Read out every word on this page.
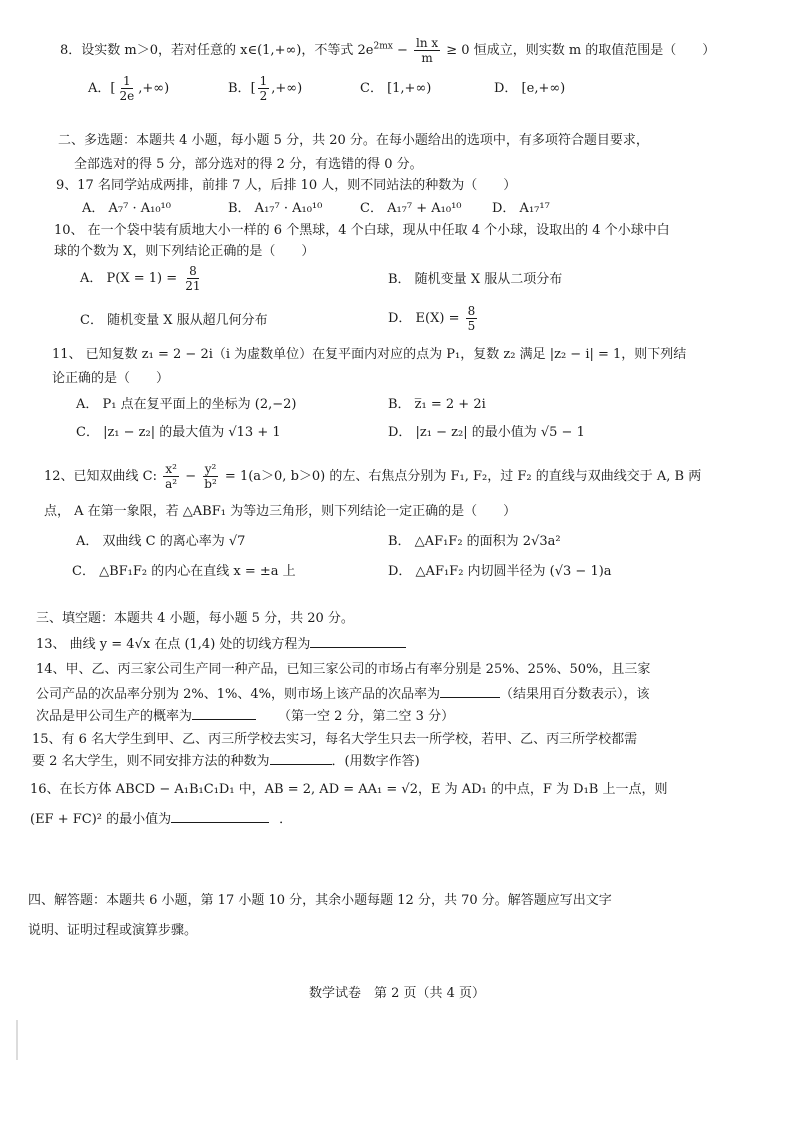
8．设实数 m＞0，若对任意的 x∈(1,+∞)，不等式 $2e^{2mx} - \frac{\text{ln x}}{m} \ge 0$ 恒成立，则实数 m 的取值范围是（　　）
A．[ $\frac{1}{2e}$ ,+∞)	B．[ $\frac{1}{2}$ ,+∞)	C． [1,+∞)	D． [e,+∞)
二、多选题：本题共 4 小题，每小题 5 分，共 20 分。在每小题给出的选项中，有多项符合题目要求，
全部选对的得 5 分，部分选对的得 2 分，有选错的得 0 分。
9、17 名同学站成两排，前排 7 人，后排 10 人，则不同站法的种数为（　　）
A． A₇⁷ · A₁₀¹⁰	B． A₁₇⁷ · A₁₀¹⁰	C． A₁₇⁷ + A₁₀¹⁰ D． A₁₇¹⁷
10、 在一个袋中装有质地大小一样的 6 个黑球，4 个白球，现从中任取 4 个小球，设取出的 4 个小球中白
球的个数为 X，则下列结论正确的是（　　）
A． $P(X = 1) = \frac{8}{21}$	B． 随机变量 X 服从二项分布
C． 随机变量 X 服从超几何分布	D． $E(X) = \frac{8}{5}$
11、 已知复数 z₁ = 2 − 2i（i 为虚数单位）在复平面内对应的点为 P₁，复数 z₂ 满足 |z₂ − i| = 1，则下列结
论正确的是（　　）
A． P₁ 点在复平面上的坐标为 (2,−2)	B． z̅₁ = 2 + 2i
C． |z₁ − z₂| 的最大值为 √13 + 1	D． |z₁ − z₂| 的最小值为 √5 − 1
12、已知双曲线 C: $\frac{\text{x²}}{\text{a²}} - \frac{\text{y²}}{\text{b²}} = 1(a>0$, b＞0) 的左、右焦点分别为 F₁, F₂，过 F₂ 的直线与双曲线交于 A, B 两
点， A 在第一象限，若 △ABF₁ 为等边三角形，则下列结论一定正确的是（　　）
A． 双曲线 C 的离心率为 √7	B． △AF₁F₂ 的面积为 2√3a²
C． △BF₁F₂ 的内心在直线 x = ±a 上	D． △AF₁F₂ 内切圆半径为 (√3 − 1)a
三、填空题：本题共 4 小题，每小题 5 分，共 20 分。
13、 曲线 y = 4√x 在点 (1,4) 处的切线方程为
14、甲、乙、丙三家公司生产同一种产品，已知三家公司的市场占有率分别是 25%、25%、50%，且三家
公司产品的次品率分别为 2%、1%、4%，则市场上该产品的次品率为	（结果用百分数表示），该
次品是甲公司生产的概率为	（第一空 2 分，第二空 3 分）
15、有 6 名大学生到甲、乙、丙三所学校去实习，每名大学生只去一所学校，若甲、乙、丙三所学校都需
要 2 名大学生，则不同安排方法的种数为	．(用数字作答)
16、在长方体 ABCD − A₁B₁C₁D₁ 中，AB = 2, AD = AA₁ = √2，E 为 AD₁ 的中点，F 为 D₁B 上一点，则
(EF + FC)² 的最小值为	．
四、解答题：本题共 6 小题，第 17 小题 10 分，其余小题每题 12 分，共 70 分。解答题应写出文字
说明、证明过程或演算步骤。
数学试卷　第 2 页（共 4 页）
